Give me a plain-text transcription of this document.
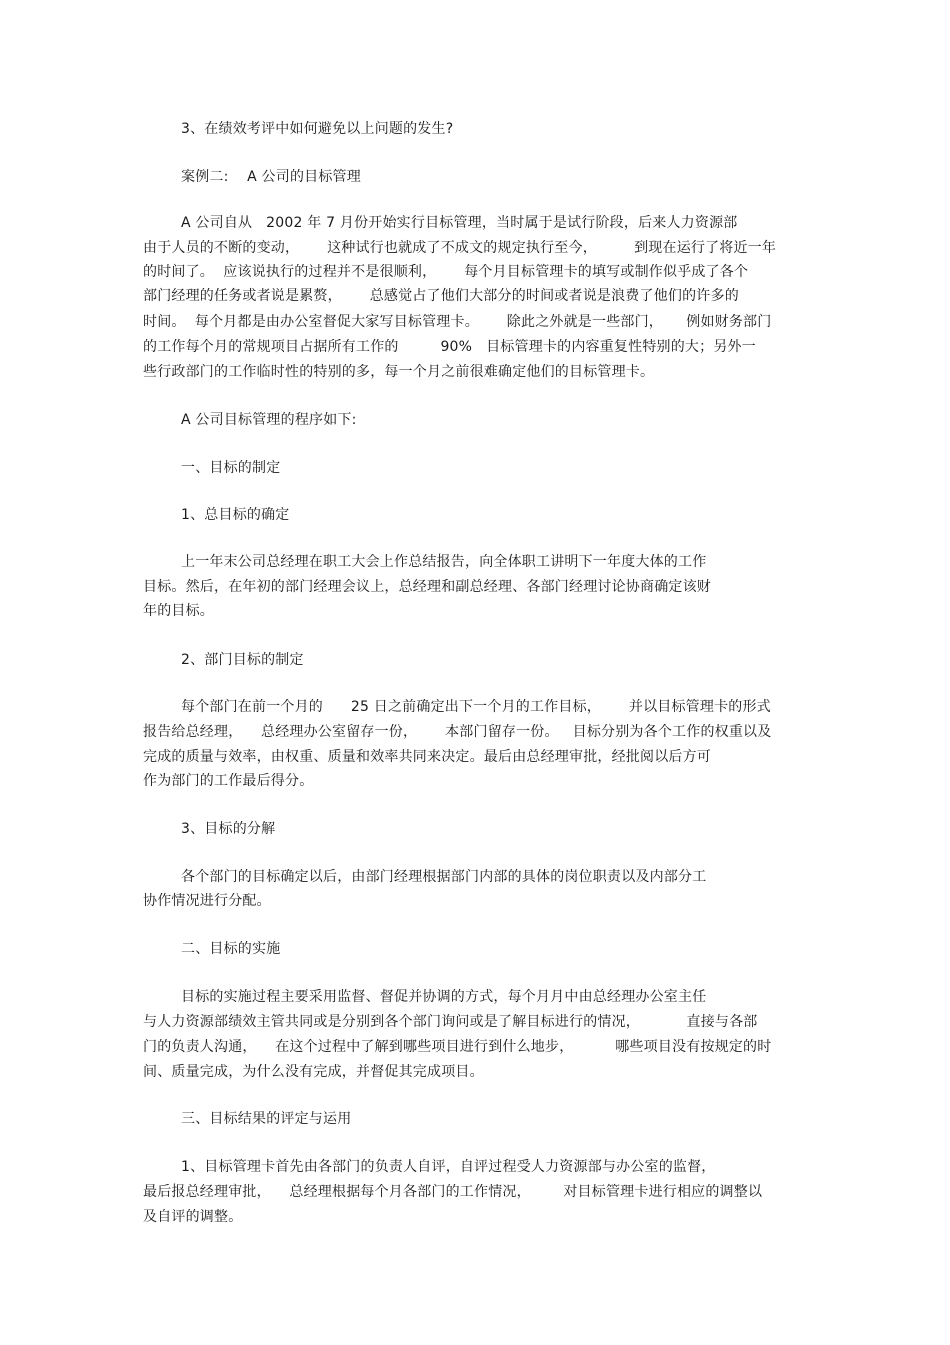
3、在绩效考评中如何避免以上问题的发生?
案例二:    A 公司的目标管理
A 公司自从   2002 年 7 月份开始实行目标管理，当时属于是试行阶段，后来人力资源部
由于人员的不断的变动，      这种试行也就成了不成文的规定执行至今，        到现在运行了将近一年
的时间了。  应该说执行的过程并不是很顺利，      每个月目标管理卡的填写或制作似乎成了各个
部门经理的任务或者说是累赘，      总感觉占了他们大部分的时间或者说是浪费了他们的许多的
时间。  每个月都是由办公室督促大家写目标管理卡。      除此之外就是一些部门，     例如财务部门
的工作每个月的常规项目占据所有工作的         90%   目标管理卡的内容重复性特别的大；另外一
些行政部门的工作临时性的特别的多，每一个月之前很难确定他们的目标管理卡。
A 公司目标管理的程序如下:
一、目标的制定
1、总目标的确定
上一年末公司总经理在职工大会上作总结报告，向全体职工讲明下一年度大体的工作
目标。然后，在年初的部门经理会议上，总经理和副总经理、各部门经理讨论协商确定该财
年的目标。
2、部门目标的制定
每个部门在前一个月的      25 日之前确定出下一个月的工作目标，      并以目标管理卡的形式
报告给总经理，    总经理办公室留存一份，      本部门留存一份。   目标分别为各个工作的权重以及
完成的质量与效率，由权重、质量和效率共同来决定。最后由总经理审批，经批阅以后方可
作为部门的工作最后得分。
3、目标的分解
各个部门的目标确定以后，由部门经理根据部门内部的具体的岗位职责以及内部分工
协作情况进行分配。
二、目标的实施
目标的实施过程主要采用监督、督促并协调的方式，每个月月中由总经理办公室主任
与人力资源部绩效主管共同或是分别到各个部门询问或是了解目标进行的情况，          直接与各部
门的负责人沟通，    在这个过程中了解到哪些项目进行到什么地步，         哪些项目没有按规定的时
间、质量完成，为什么没有完成，并督促其完成项目。
三、目标结果的评定与运用
1、目标管理卡首先由各部门的负责人自评，自评过程受人力资源部与办公室的监督，
最后报总经理审批，    总经理根据每个月各部门的工作情况，       对目标管理卡进行相应的调整以
及自评的调整。
